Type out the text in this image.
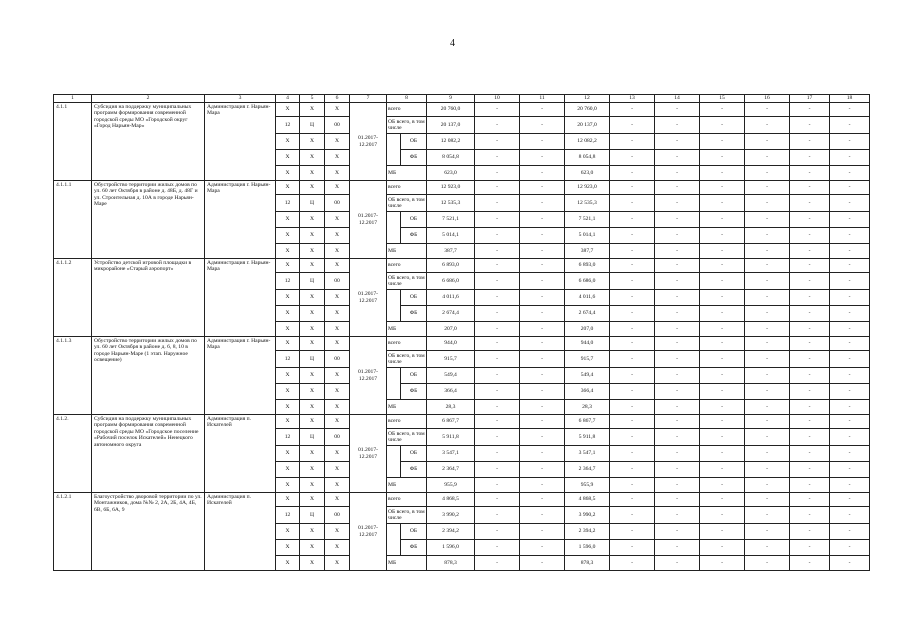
4
1	2	3	4	5	6	7	8		9	10	11	12	13	14	15	16	17	18
4.1.1	Субсидия на поддержку муниципальных программ формирования современной городской среды МО «Городской округ «Город Нарьян-Мар»	Администрация г. Нарьян-Мара	Х	Х	Х	01.2017-12.2017	всего		20 760,0	-	-	20 760,0	-	-	-	-	-	-
			12	Ц	00		ОБ всего, в том числе		20 137,0	-	-	20 137,0	-	-	-	-	-	-
			Х	Х	Х			ОБ	12 082,2	-	-	12 082,2	-	-	-	-	-	-
			Х	Х	Х			ФБ	8 054,8	-	-	8 054,8	-	-	-	-	-	-
			Х	Х	Х		МБ		623,0	-	-	623,0	-	-	-	-	-	-
4.1.1.1	Обустройство территории жилых домов по ул. 60 лет Октября в районе д. 48Б, д. 48Г и ул. Строительная д. 10А в городе Нарьян-Маре	Администрация г. Нарьян-Мара	Х	Х	Х	01.2017-12.2017	всего		12 923,0	-	-	12 923,0	-	-	-	-	-	-
			12	Ц	00		ОБ всего, в том числе		12 535,3	-	-	12 535,3	-	-	-	-	-	-
			Х	Х	Х			ОБ	7 521,1	-	-	7 521,1	-	-	-	-	-	-
			Х	Х	Х			ФБ	5 014,1	-	-	5 014,1	-	-	-	-	-	-
			Х	Х	Х		МБ		387,7	-	-	387,7	-	-	-	-	-	-
4.1.1.2	Устройство детской игровой площадки в микрорайоне «Старый аэропорт»	Администрация г. Нарьян-Мара	Х	Х	Х	01.2017-12.2017	всего		6 893,0	-	-	6 893,0	-	-	-	-	-	-
			12	Ц	00		ОБ всего, в том числе		6 686,0	-	-	6 686,0	-	-	-	-	-	-
			Х	Х	Х			ОБ	4 011,6	-	-	4 011,6	-	-	-	-	-	-
			Х	Х	Х			ФБ	2 674,4	-	-	2 674,4	-	-	-	-	-	-
			Х	Х	Х		МБ		207,0	-	-	207,0	-	-	-	-	-	-
4.1.1.3	Обустройство территории жилых домов по ул. 60 лет Октября в районе д. 6, 8, 10 в городе Нарьян-Маре (1 этап. Наружное освещение)	Администрация г. Нарьян-Мара	Х	Х	Х	01.2017-12.2017	всего		944,0	-	-	944,0	-	-	-	-	-	-
			12	Ц	00		ОБ всего, в том числе		915,7	-	-	915,7	-	-	-	-	-	-
			Х	Х	Х			ОБ	549,4	-	-	549,4	-	-	-	-	-	-
			Х	Х	Х			ФБ	366,4	-	-	366,4	-	-	-	-	-	-
			Х	Х	Х		МБ		28,3	-	-	28,3	-	-	-	-	-	-
4.1.2.	Субсидия на поддержку муниципальных программ формирования современной городской среды МО «Городское поселение «Рабочий поселок Искателей» Ненецкого автономного округа	Администрация п. Искателей	Х	Х	Х	01.2017-12.2017	всего		6 867,7	-	-	6 867,7	-	-	-	-	-	-
			12	Ц	00		ОБ всего, в том числе		5 911,8	-	-	5 911,8	-	-	-	-	-	-
			Х	Х	Х			ОБ	3 547,1	-	-	3 547,1	-	-	-	-	-	-
			Х	Х	Х			ФБ	2 364,7	-	-	2 364,7	-	-	-	-	-	-
			Х	Х	Х		МБ		955,9	-	-	955,9	-	-	-	-	-	-
4.1.2.1	Благоустройство дворовой территории по ул. Монтажников, дома №№ 2, 2А, 2Б, 4А, 4Б, 6В, 6Б, 6А, 9	Администрация п. Искателей	Х	Х	Х	01.2017-12.2017	всего		4 868,5	-	-	4 868,5	-	-	-	-	-	-
			12	Ц	00		ОБ всего, в том числе		3 990,2	-	-	3 990,2	-	-	-	-	-	-
			Х	Х	Х			ОБ	2 394,2	-	-	2 394,2	-	-	-	-	-	-
			Х	Х	Х			ФБ	1 596,0	-	-	1 596,0	-	-	-	-	-	-
			Х	Х	Х		МБ		878,3	-	-	878,3	-	-	-	-	-	-
